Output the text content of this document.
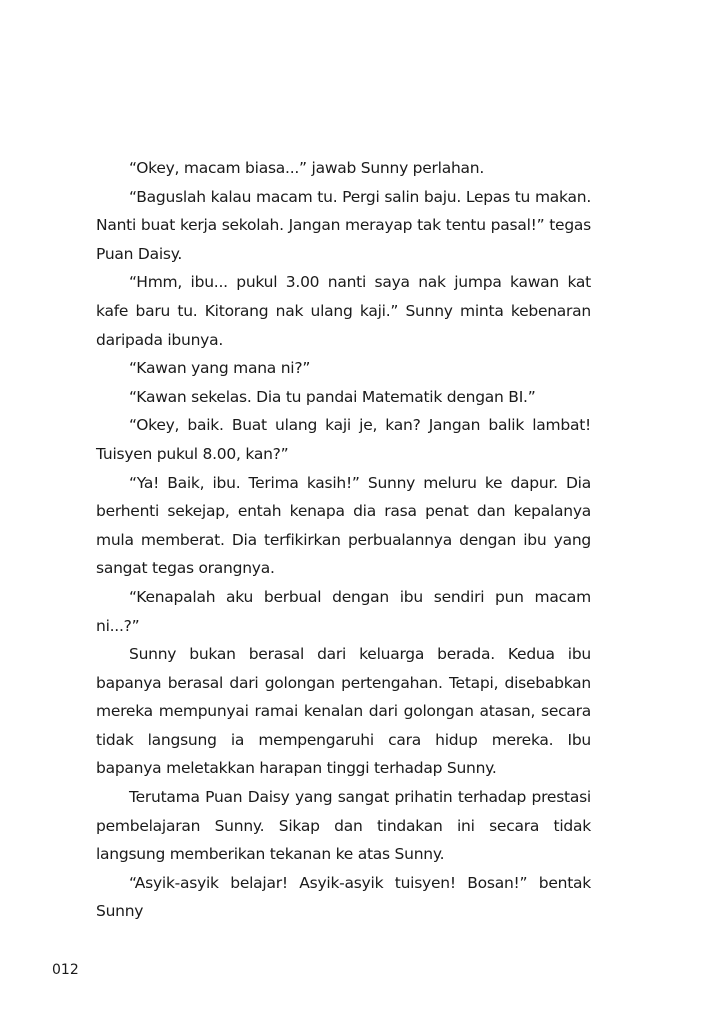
“Okey, macam biasa...” jawab Sunny perlahan.

“Baguslah kalau macam tu. Pergi salin baju. Lepas tu makan. Nanti buat kerja sekolah. Jangan merayap tak tentu pasal!” tegas Puan Daisy.

“Hmm, ibu... pukul 3.00 nanti saya nak jumpa kawan kat kafe baru tu. Kitorang nak ulang kaji.” Sunny minta kebenaran daripada ibunya.

“Kawan yang mana ni?”

“Kawan sekelas. Dia tu pandai Matematik dengan BI.”

“Okey, baik. Buat ulang kaji je, kan? Jangan balik lambat! Tuisyen pukul 8.00, kan?”

“Ya! Baik, ibu. Terima kasih!” Sunny meluru ke dapur. Dia berhenti sekejap, entah kenapa dia rasa penat dan kepalanya mula memberat. Dia terfikirkan perbualannya dengan ibu yang sangat tegas orangnya.

“Kenapalah aku berbual dengan ibu sendiri pun macam ni...?”

Sunny bukan berasal dari keluarga berada. Kedua ibu bapanya berasal dari golongan pertengahan. Tetapi, disebabkan mereka mempunyai ramai kenalan dari golongan atasan, secara tidak langsung ia mempengaruhi cara hidup mereka. Ibu bapanya meletakkan harapan tinggi terhadap Sunny.

Terutama Puan Daisy yang sangat prihatin terhadap prestasi pembelajaran Sunny. Sikap dan tindakan ini secara tidak langsung memberikan tekanan ke atas Sunny.

“Asyik-asyik belajar! Asyik-asyik tuisyen! Bosan!” bentak Sunny

012
